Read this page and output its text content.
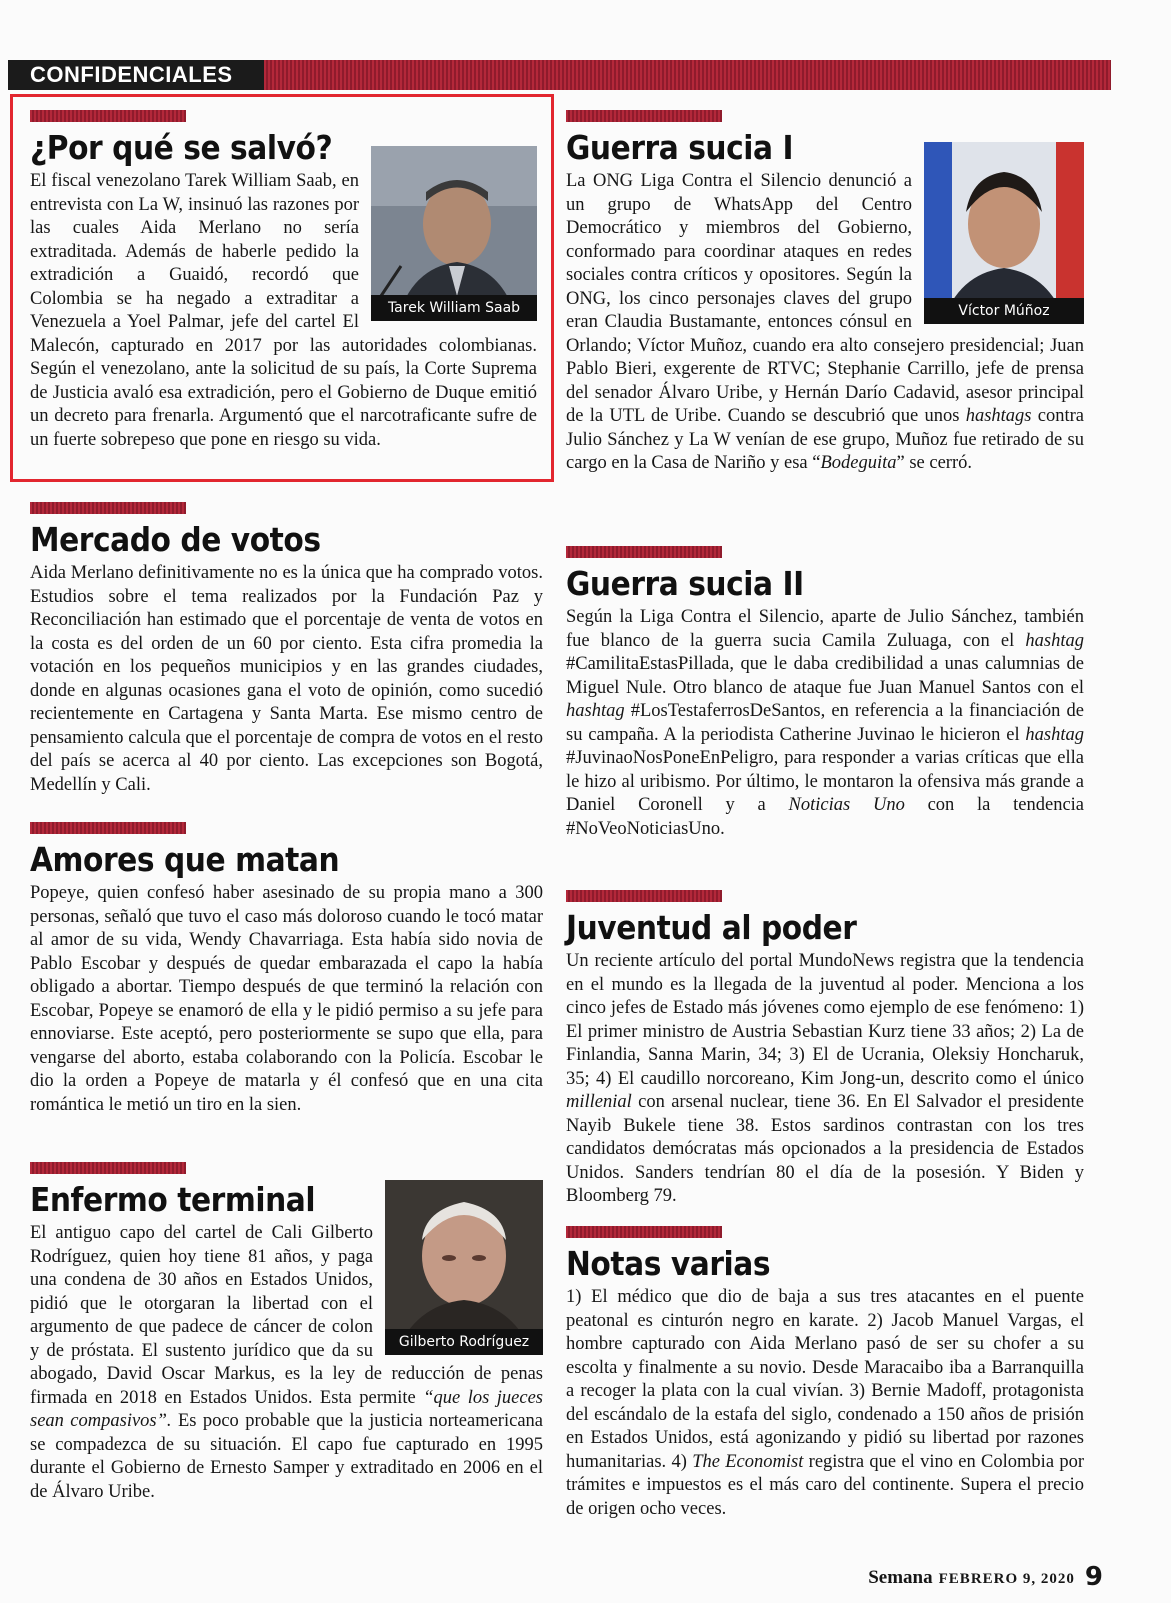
CONFIDENCIALES
Tarek William Saab
¿Por qué se salvó?

El fiscal venezolano Tarek William Saab, en entrevista con La W, insinuó las razones por las cuales Aida Merlano no sería extraditada. Además de haberle pedido la extradición a Guaidó, recordó que Colombia se ha negado a extraditar a Venezuela a Yoel Palmar, jefe del cartel El Malecón, capturado en 2017 por las autoridades colombianas. Según el venezolano, ante la solicitud de su país, la Corte Suprema de Justicia avaló esa extradición, pero el Gobierno de Duque emitió un decreto para frenarla. Argumentó que el narcotraficante sufre de un fuerte sobrepeso que pone en riesgo su vida.

Mercado de votos

Aida Merlano definitivamente no es la única que ha comprado votos. Estudios sobre el tema realizados por la Fundación Paz y Reconciliación han estimado que el porcentaje de venta de votos en la costa es del orden de un 60 por ciento. Esta cifra promedia la votación en los pequeños municipios y en las grandes ciudades, donde en algunas ocasiones gana el voto de opinión, como sucedió recientemente en Cartagena y Santa Marta. Ese mismo centro de pensamiento calcula que el porcentaje de compra de votos en el resto del país se acerca al 40 por ciento. Las excepciones son Bogotá, Medellín y Cali.

Amores que matan

Popeye, quien confesó haber asesinado de su propia mano a 300 personas, señaló que tuvo el caso más doloroso cuando le tocó matar al amor de su vida, Wendy Chavarriaga. Esta había sido novia de Pablo Escobar y después de quedar embarazada el capo la había obligado a abortar. Tiempo después de que terminó la relación con Escobar, Popeye se enamoró de ella y le pidió permiso a su jefe para ennoviarse. Este aceptó, pero posteriormente se supo que ella, para vengarse del aborto, estaba colaborando con la Policía. Escobar le dio la orden a Popeye de matarla y él confesó que en una cita romántica le metió un tiro en la sien.

Gilberto Rodríguez
Enfermo terminal

El antiguo capo del cartel de Cali Gilberto Rodríguez, quien hoy tiene 81 años, y paga una condena de 30 años en Estados Unidos, pidió que le otorgaran la libertad con el argumento de que padece de cáncer de colon y de próstata. El sustento jurídico que da su abogado, David Oscar Markus, es la ley de reducción de penas firmada en 2018 en Estados Unidos. Esta permite “que los jueces sean compasivos”. Es poco probable que la justicia norteamericana se compadezca de su situación. El capo fue capturado en 1995 durante el Gobierno de Ernesto Samper y extraditado en 2006 en el de Álvaro Uribe.

Víctor Múñoz
Guerra sucia I

La ONG Liga Contra el Silencio denunció a un grupo de WhatsApp del Centro Democrático y miembros del Gobierno, conformado para coordinar ataques en redes sociales contra críticos y opositores. Según la ONG, los cinco personajes claves del grupo eran Claudia Bustamante, entonces cónsul en Orlando; Víctor Muñoz, cuando era alto consejero presidencial; Juan Pablo Bieri, exgerente de RTVC; Stephanie Carrillo, jefe de prensa del senador Álvaro Uribe, y Hernán Darío Cadavid, asesor principal de la UTL de Uribe. Cuando se descubrió que unos hashtags contra Julio Sánchez y La W venían de ese grupo, Muñoz fue retirado de su cargo en la Casa de Nariño y esa “Bodeguita” se cerró.

Guerra sucia II

Según la Liga Contra el Silencio, aparte de Julio Sánchez, también fue blanco de la guerra sucia Camila Zuluaga, con el hashtag #CamilitaEstasPillada, que le daba credibilidad a unas calumnias de Miguel Nule. Otro blanco de ataque fue Juan Manuel Santos con el hashtag #LosTestaferrosDeSantos, en referencia a la financiación de su campaña. A la periodista Catherine Juvinao le hicieron el hashtag #JuvinaoNosPoneEnPeligro, para responder a varias críticas que ella le hizo al uribismo. Por último, le montaron la ofensiva más grande a Daniel Coronell y a Noticias Uno con la tendencia #NoVeoNoticiasUno.

Juventud al poder

Un reciente artículo del portal MundoNews registra que la tendencia en el mundo es la llegada de la juventud al poder. Menciona a los cinco jefes de Estado más jóvenes como ejemplo de ese fenómeno: 1) El primer ministro de Austria Sebastian Kurz tiene 33 años; 2) La de Finlandia, Sanna Marin, 34; 3) El de Ucrania, Oleksiy Honcharuk, 35; 4) El caudillo norcoreano, Kim Jong-un, descrito como el único millenial con arsenal nuclear, tiene 36. En El Salvador el presidente Nayib Bukele tiene 38. Estos sardinos contrastan con los tres candidatos demócratas más opcionados a la presidencia de Estados Unidos. Sanders tendrían 80 el día de la posesión. Y Biden y Bloomberg 79.

Notas varias

1) El médico que dio de baja a sus tres atacantes en el puente peatonal es cinturón negro en karate. 2) Jacob Manuel Vargas, el hombre capturado con Aida Merlano pasó de ser su chofer a su escolta y finalmente a su novio. Desde Maracaibo iba a Barranquilla a recoger la plata con la cual vivían. 3) Bernie Madoff, protagonista del escándalo de la estafa del siglo, condenado a 150 años de prisión en Estados Unidos, está agonizando y pidió su libertad por razones humanitarias. 4) The Economist registra que el vino en Colombia por trámites e impuestos es el más caro del continente. Supera el precio de origen ocho veces.

Semana FEBRERO 9, 2020 9
